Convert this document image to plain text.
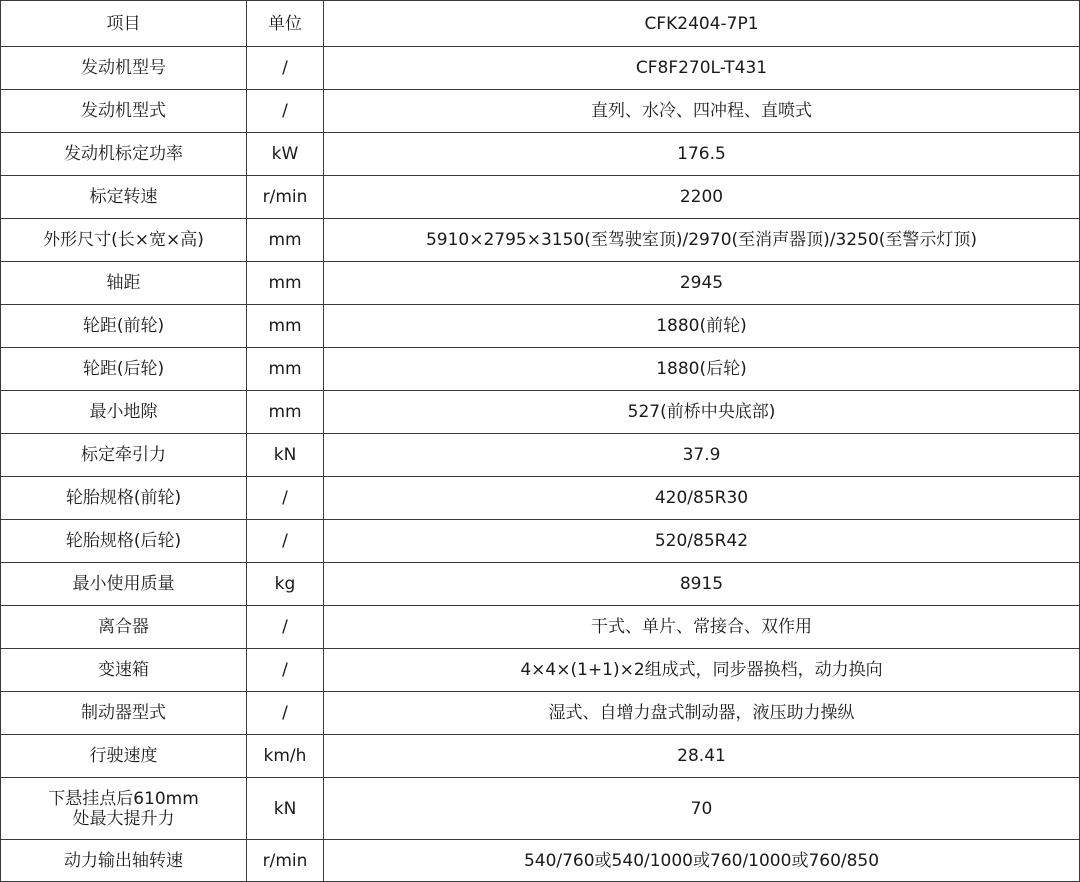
项目	单位	CFK2404-7P1
发动机型号	/	CF8F270L-T431
发动机型式	/	直列、水冷、四冲程、直喷式
发动机标定功率	kW	176.5
标定转速	r/min	2200
外形尺寸(长×宽×高)	mm	5910×2795×3150(至驾驶室顶)/2970(至消声器顶)/3250(至警示灯顶)
轴距	mm	2945
轮距(前轮)	mm	1880(前轮)
轮距(后轮)	mm	1880(后轮)
最小地隙	mm	527(前桥中央底部)
标定牵引力	kN	37.9
轮胎规格(前轮)	/	420/85R30
轮胎规格(后轮)	/	520/85R42
最小使用质量	kg	8915
离合器	/	干式、单片、常接合、双作用
变速箱	/	4×4×(1+1)×2组成式，同步器换档，动力换向
制动器型式	/	湿式、自增力盘式制动器，液压助力操纵
行驶速度	km/h	28.41
下悬挂点后610mm
处最大提升力	kN	70
动力输出轴转速	r/min	540/760或540/1000或760/1000或760/850
